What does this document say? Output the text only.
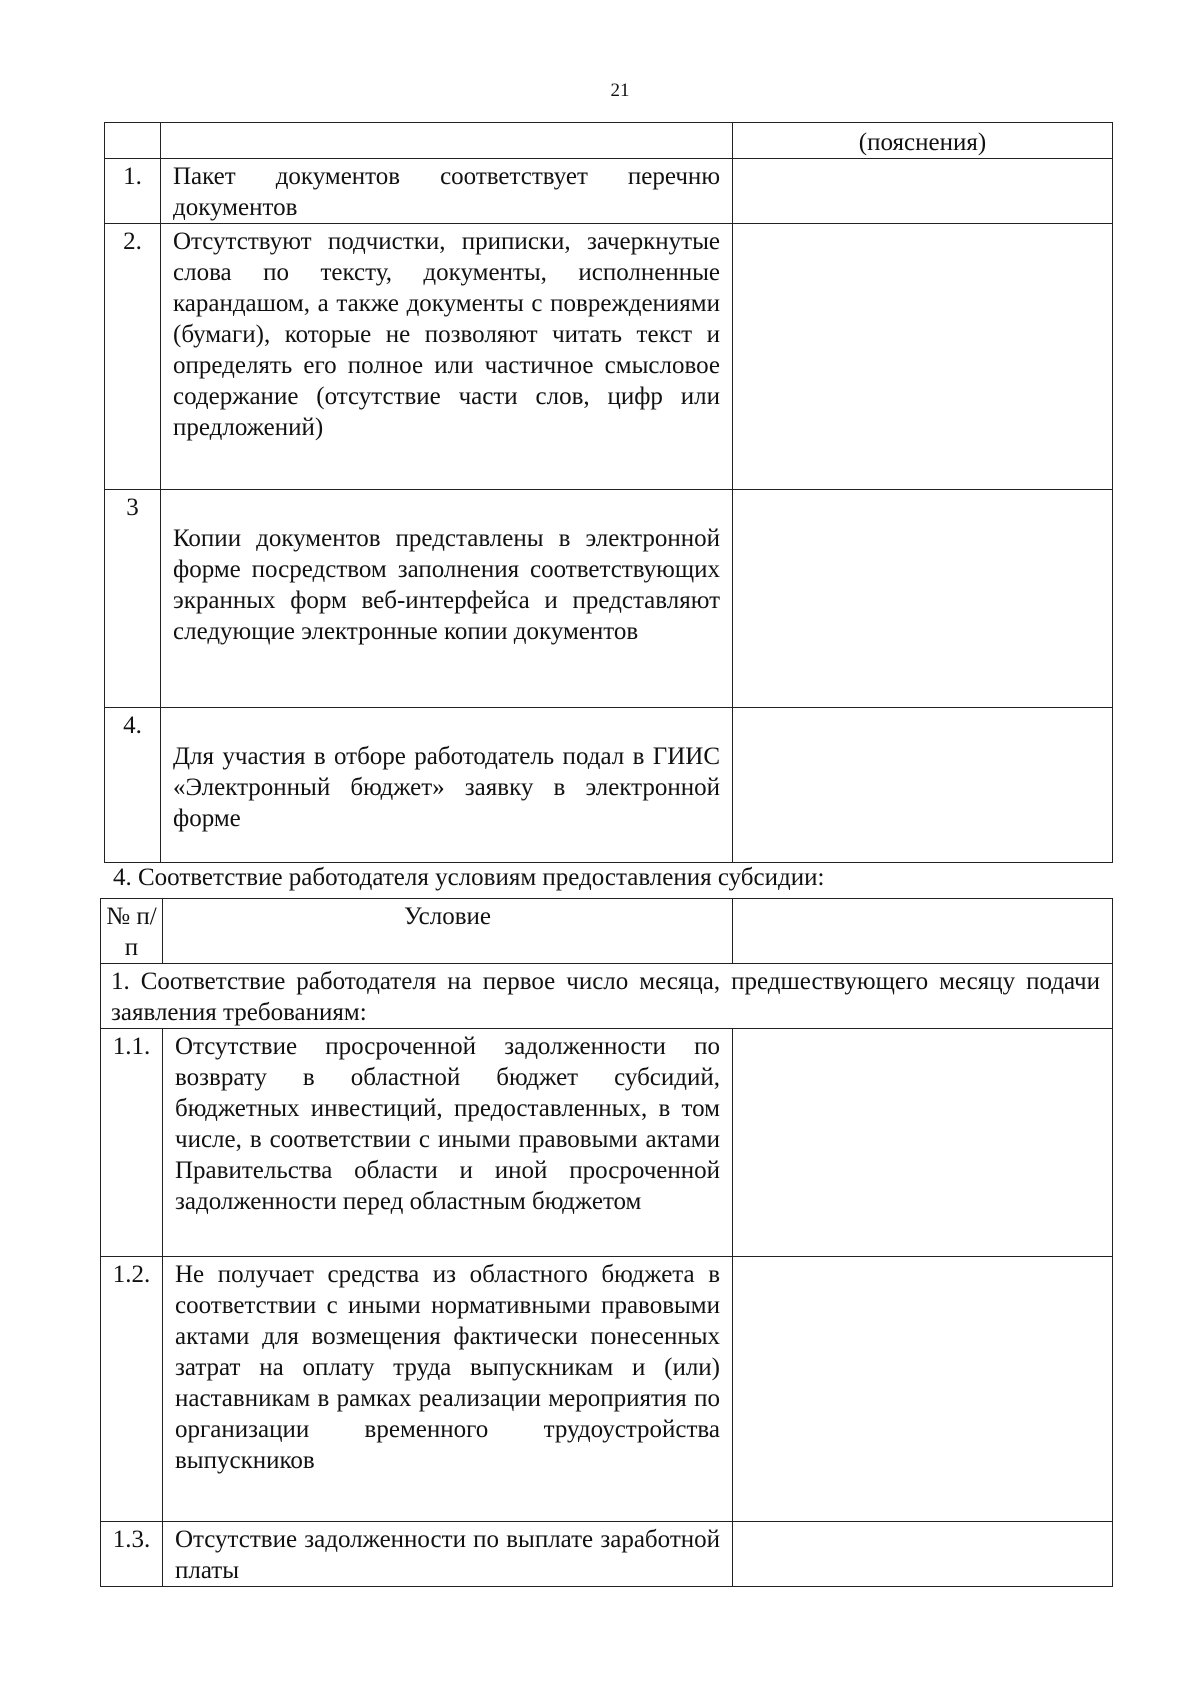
21
		(пояснения)
1.	Пакет документов соответствует перечню документов	
2.	Отсутствуют подчистки, приписки, зачеркнутые слова по тексту, документы, исполненные карандашом, а также документы с повреждениями (бумаги), которые не позволяют читать текст и определять его полное или частичное смысловое содержание (отсутствие части слов, цифр или предложений)	
3	Копии документов представлены в электронной форме посредством заполнения соответствующих экранных форм веб-интерфейса и представляют следующие электронные копии документов	
4.	Для участия в отборе работодатель подал в ГИИС «Электронный бюджет» заявку в электронной форме	
4. Соответствие работодателя условиям предоставления субсидии:
№ п/п	Условие	
1. Соответствие работодателя на первое число месяца, предшествующего месяцу подачи заявления требованиям:		
1.1.	Отсутствие просроченной задолженности по возврату в областной бюджет субсидий, бюджетных инвестиций, предоставленных, в том числе, в соответствии с иными правовыми актами Правительства области и иной просроченной задолженности перед областным бюджетом	
1.2.	Не получает средства из областного бюджета в соответствии с иными нормативными правовыми актами для возмещения фактически понесенных затрат на оплату труда выпускникам и (или) наставникам в рамках реализации мероприятия по организации временного трудоустройства выпускников	
1.3.	Отсутствие задолженности по выплате заработной платы	
